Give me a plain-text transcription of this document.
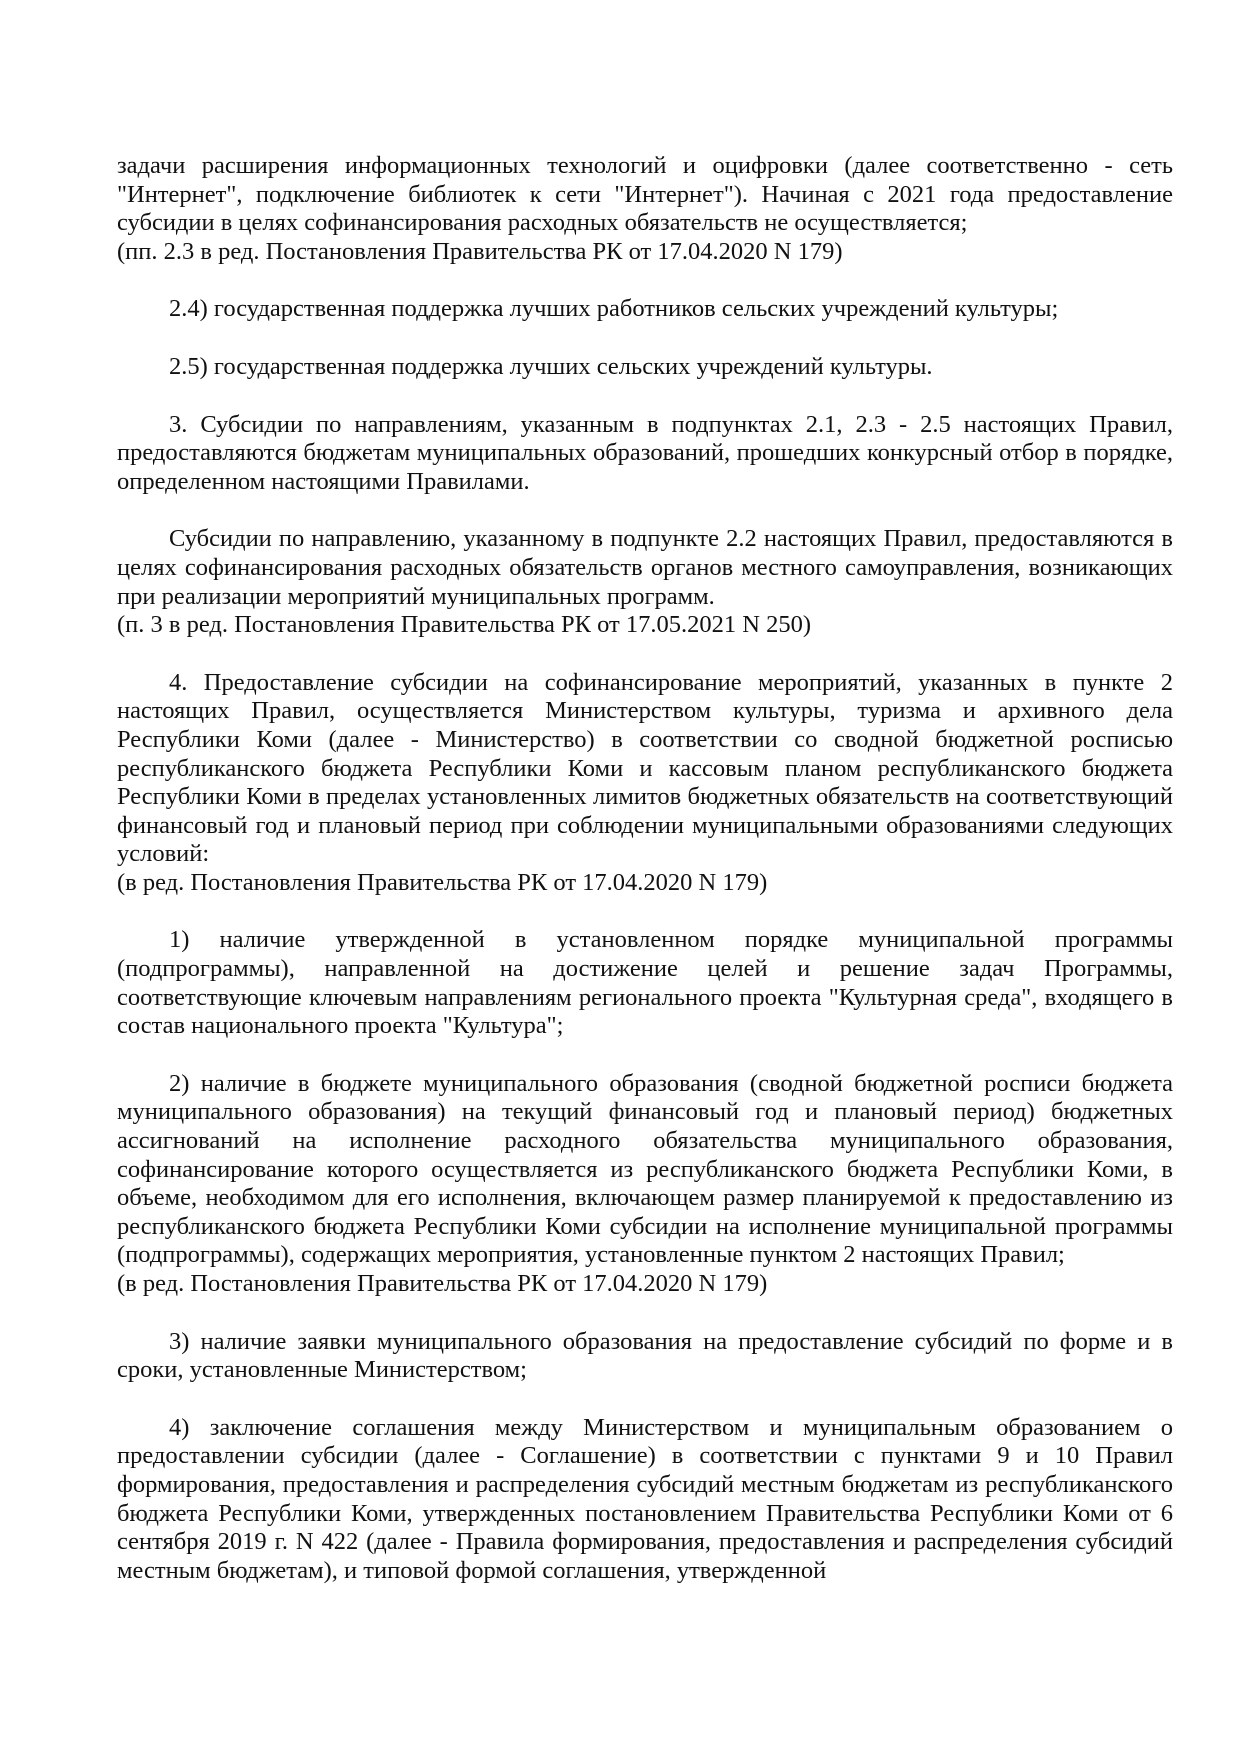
задачи расширения информационных технологий и оцифровки (далее соответственно - сеть "Интернет", подключение библиотек к сети "Интернет"). Начиная с 2021 года предоставление субсидии в целях софинансирования расходных обязательств не осуществляется;

(пп. 2.3 в ред. Постановления Правительства РК от 17.04.2020 N 179)

2.4) государственная поддержка лучших работников сельских учреждений культуры;

2.5) государственная поддержка лучших сельских учреждений культуры.

3. Субсидии по направлениям, указанным в подпунктах 2.1, 2.3 - 2.5 настоящих Правил, предоставляются бюджетам муниципальных образований, прошедших конкурсный отбор в порядке, определенном настоящими Правилами.

Субсидии по направлению, указанному в подпункте 2.2 настоящих Правил, предоставляются в целях софинансирования расходных обязательств органов местного самоуправления, возникающих при реализации мероприятий муниципальных программ.

(п. 3 в ред. Постановления Правительства РК от 17.05.2021 N 250)

4. Предоставление субсидии на софинансирование мероприятий, указанных в пункте 2 настоящих Правил, осуществляется Министерством культуры, туризма и архивного дела Республики Коми (далее - Министерство) в соответствии со сводной бюджетной росписью республиканского бюджета Республики Коми и кассовым планом республиканского бюджета Республики Коми в пределах установленных лимитов бюджетных обязательств на соответствующий финансовый год и плановый период при соблюдении муниципальными образованиями следующих условий:

(в ред. Постановления Правительства РК от 17.04.2020 N 179)

1) наличие утвержденной в установленном порядке муниципальной программы (подпрограммы), направленной на достижение целей и решение задач Программы, соответствующие ключевым направлениям регионального проекта "Культурная среда", входящего в состав национального проекта "Культура";

2) наличие в бюджете муниципального образования (сводной бюджетной росписи бюджета муниципального образования) на текущий финансовый год и плановый период) бюджетных ассигнований на исполнение расходного обязательства муниципального образования, софинансирование которого осуществляется из республиканского бюджета Республики Коми, в объеме, необходимом для его исполнения, включающем размер планируемой к предоставлению из республиканского бюджета Республики Коми субсидии на исполнение муниципальной программы (подпрограммы), содержащих мероприятия, установленные пунктом 2 настоящих Правил;

(в ред. Постановления Правительства РК от 17.04.2020 N 179)

3) наличие заявки муниципального образования на предоставление субсидий по форме и в сроки, установленные Министерством;

4) заключение соглашения между Министерством и муниципальным образованием о предоставлении субсидии (далее - Соглашение) в соответствии с пунктами 9 и 10 Правил формирования, предоставления и распределения субсидий местным бюджетам из республиканского бюджета Республики Коми, утвержденных постановлением Правительства Республики Коми от 6 сентября 2019 г. N 422 (далее - Правила формирования, предоставления и распределения субсидий местным бюджетам), и типовой формой соглашения, утвержденной
